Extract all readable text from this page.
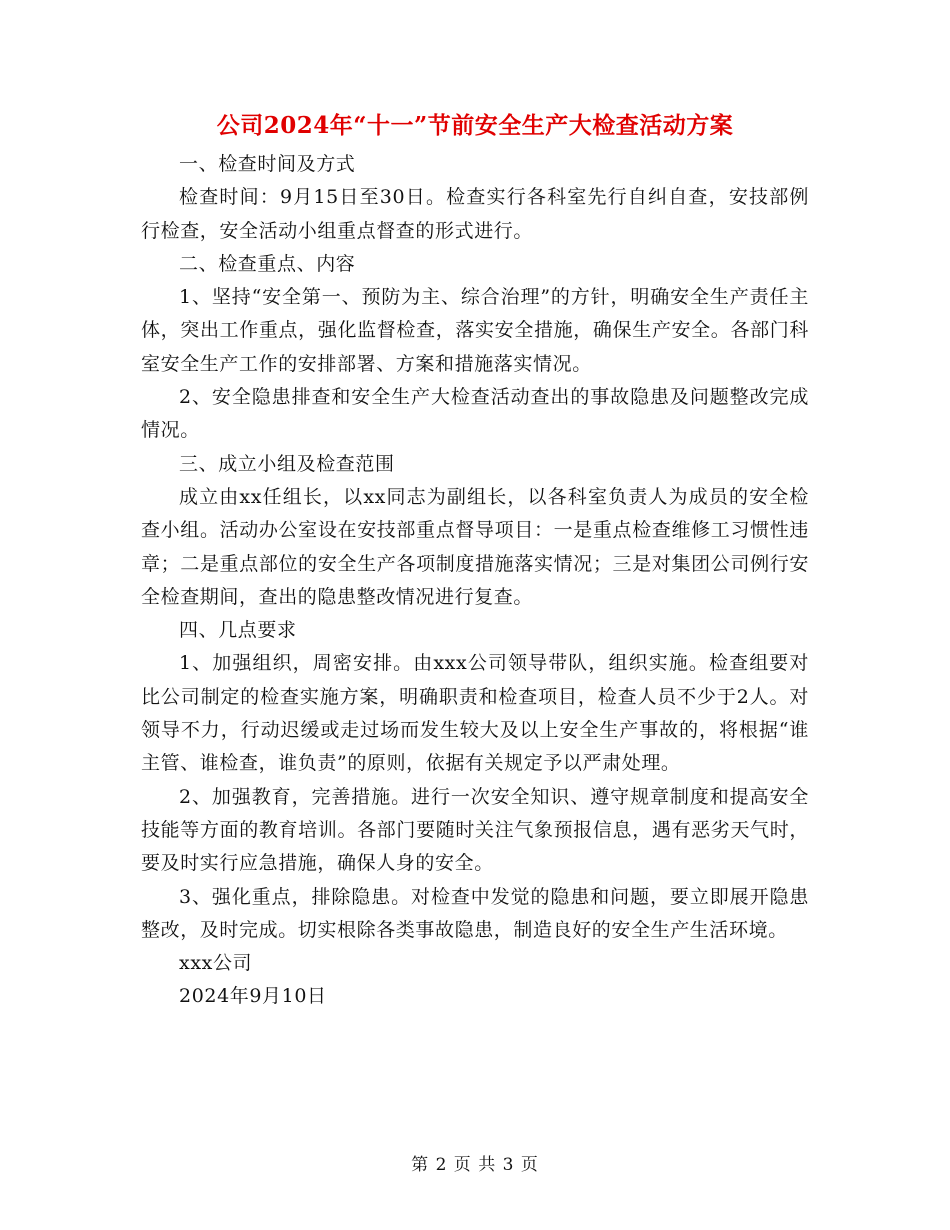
公司2024年“十一”节前安全生产大检查活动方案

一、检查时间及方式

检查时间：9月15日至30日。检查实行各科室先行自纠自查，安技部例行检查，安全活动小组重点督查的形式进行。

二、检查重点、内容

1、坚持“安全第一、预防为主、综合治理”的方针，明确安全生产责任主体，突出工作重点，强化监督检查，落实安全措施，确保生产安全。各部门科室安全生产工作的安排部署、方案和措施落实情况。

2、安全隐患排查和安全生产大检查活动查出的事故隐患及问题整改完成情况。

三、成立小组及检查范围

成立由xx任组长，以xx同志为副组长，以各科室负责人为成员的安全检查小组。活动办公室设在安技部重点督导项目：一是重点检查维修工习惯性违章；二是重点部位的安全生产各项制度措施落实情况；三是对集团公司例行安全检查期间，查出的隐患整改情况进行复查。

四、几点要求

1、加强组织，周密安排。由xxx公司领导带队，组织实施。检查组要对比公司制定的检查实施方案，明确职责和检查项目，检查人员不少于2人。对领导不力，行动迟缓或走过场而发生较大及以上安全生产事故的，将根据“谁主管、谁检查，谁负责”的原则，依据有关规定予以严肃处理。

2、加强教育，完善措施。进行一次安全知识、遵守规章制度和提高安全技能等方面的教育培训。各部门要随时关注气象预报信息，遇有恶劣天气时，要及时实行应急措施，确保人身的安全。

3、强化重点，排除隐患。对检查中发觉的隐患和问题，要立即展开隐患整改，及时完成。切实根除各类事故隐患，制造良好的安全生产生活环境。

xxx公司

2024年9月10日

第 2 页 共 3 页
